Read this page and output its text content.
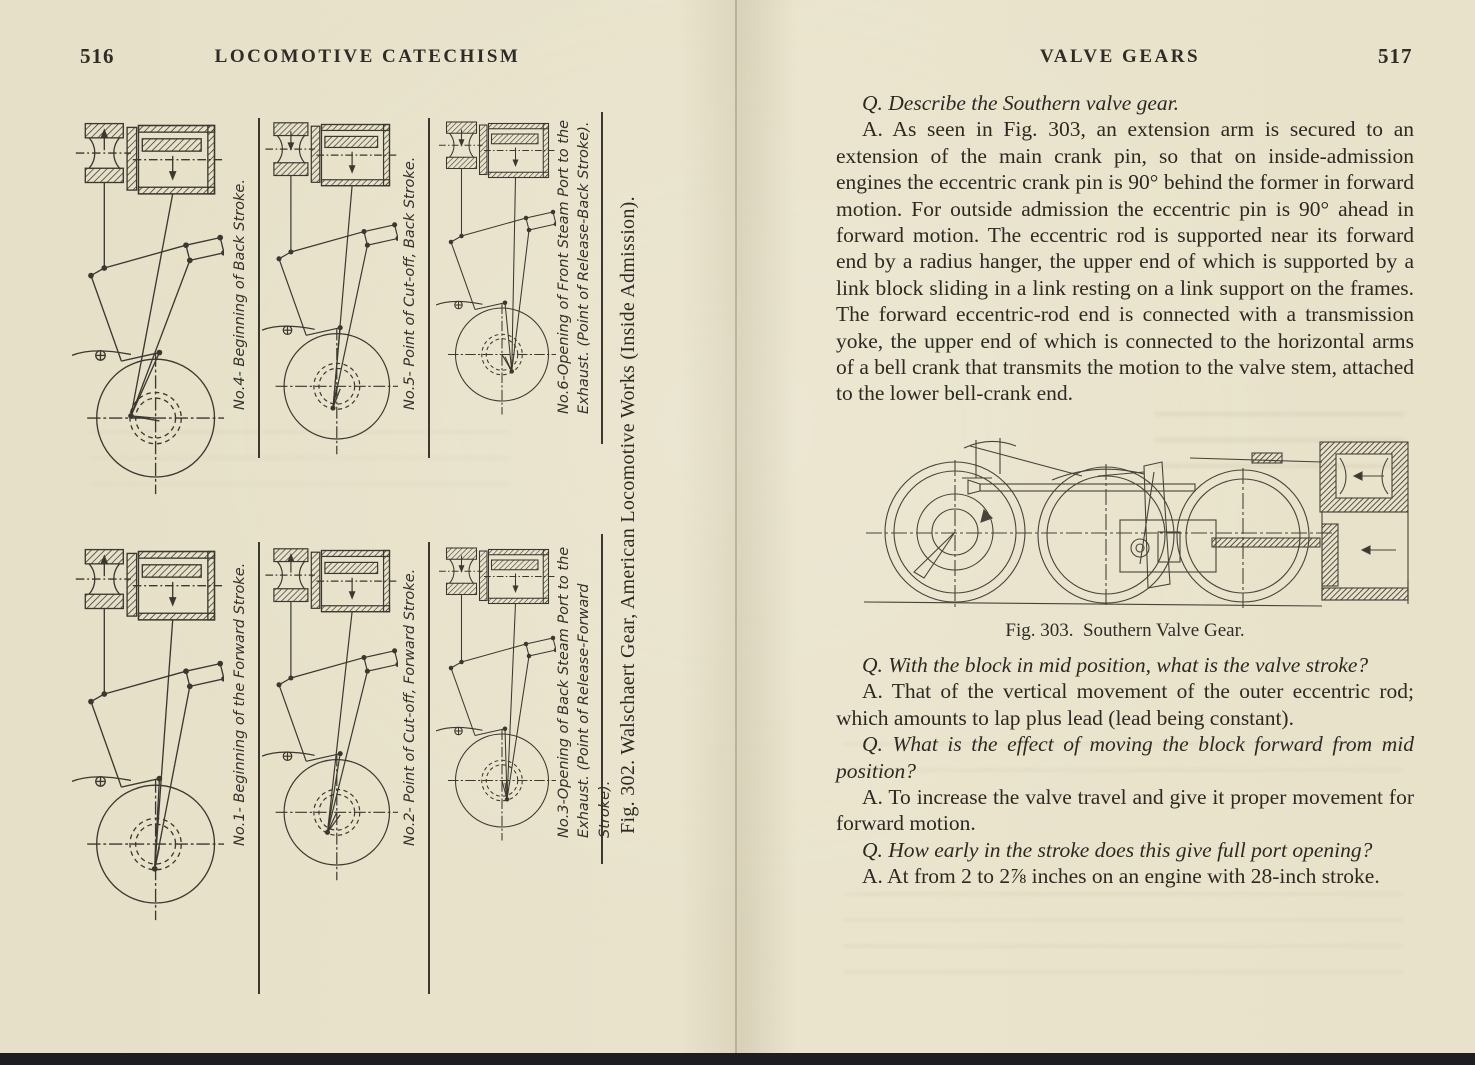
516	LOCOMOTIVE CATECHISM
No.4- Beginning of Back Stroke.	No.5- Point of Cut-off, Back Stroke.	No.6-Opening of Front Steam Port to the Exhaust. (Point of Release-Back Stroke).
No.1- Beginning of the Forward Stroke.	No.2- Point of Cut-off, Forward Stroke.	No.3-Opening of Back Steam Port to the Exhaust. (Point of Release-Forward Stroke). Fig. 302. Walschaert Gear, American Locomotive Works (Inside Admission).
VALVE GEARS	517

Q. Describe the Southern valve gear.

A. As seen in Fig. 303, an extension arm is secured to an extension of the main crank pin, so that on inside-admission engines the eccentric crank pin is 90° behind the former in forward motion. For outside admission the eccentric pin is 90° ahead in forward motion. The eccentric rod is supported near its forward end by a radius hanger, the upper end of which is supported by a link block sliding in a link resting on a link support on the frames. The forward eccentric-rod end is connected with a transmission yoke, the upper end of which is connected to the horizontal arms of a bell crank that transmits the motion to the valve stem, attached to the lower bell-crank end.

Fig. 303.  Southern Valve Gear.

Q. With the block in mid position, what is the valve stroke?

A. That of the vertical movement of the outer eccentric rod; which amounts to lap plus lead (lead being constant).

Q. What is the effect of moving the block forward from mid position?

A. To increase the valve travel and give it proper movement for forward motion.

Q. How early in the stroke does this give full port opening?

A. At from 2 to 2⅞ inches on an engine with 28-inch stroke.
